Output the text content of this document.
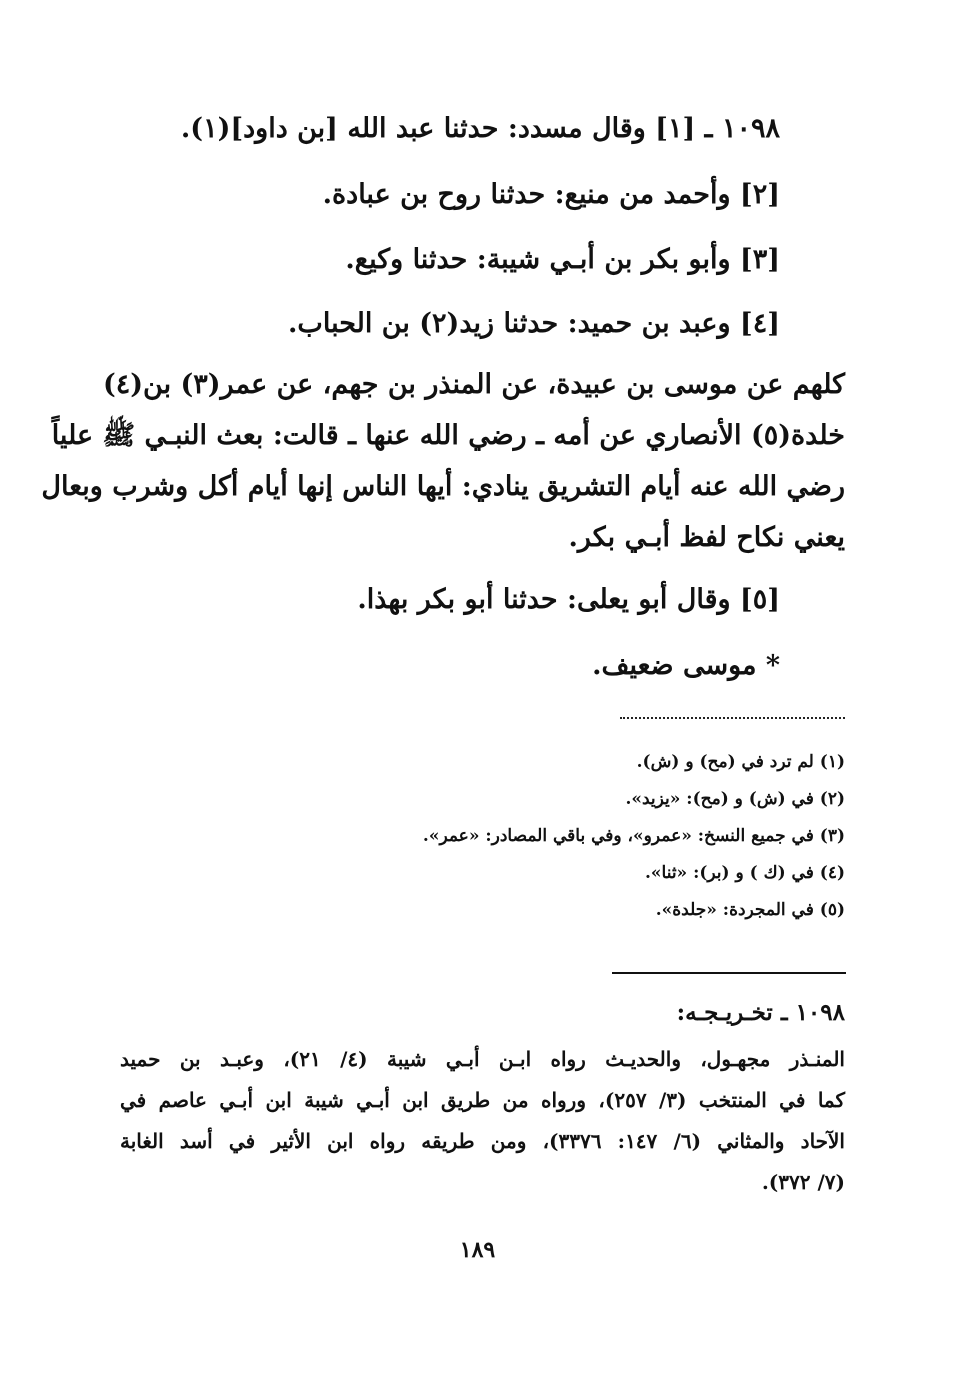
١٠٩٨ ـ [١] وقال مسدد: حدثنا عبد الله [بن داود](١).
[٢] وأحمد من منيع: حدثنا روح بن عبادة.
[٣] وأبو بكر بن أبـي شيبة: حدثنا وكيع.
[٤] وعبد بن حميد: حدثنا زيد(٢) بن الحباب.
كلهم عن موسى بن عبيدة، عن المنذر بن جهم، عن عمر(٣) بن(٤)
خلدة(٥) الأنصاري عن أمه ـ رضي الله عنها ـ قالت: بعث النبـي ﷺ علياً
رضي الله عنه أيام التشريق ينادي: أيها الناس إنها أيام أكل وشرب وبعال
يعني نكاح لفظ أبـي بكر.
[٥] وقال أبو يعلى: حدثنا أبو بكر بهذا.
* موسى ضعيف.
(١) لم ترد في (مح) و (ش).
(٢) في (ش) و (مح): «يزيد».
(٣) في جميع النسخ: «عمرو»، وفي باقي المصادر: «عمر».
(٤) في (ك ) و (بر): «ثنا».
(٥) في المجردة: «جلدة».
١٠٩٨ ـ تخـريـجـه:
المنـذر مجهـول، والحديـث رواه ابـن أبـي شيبة (٤/ ٢١)، وعبـد بن حميد
كما في المنتخب (٣/ ٢٥٧)، ورواه من طريق ابن أبـي شيبة ابن أبـي عاصم في
الآحاد والمثاني (٦/ ١٤٧: ٣٣٧٦)، ومن طريقه رواه ابن الأثير في أسد الغابة
(٧/ ٣٧٢).
١٨٩
